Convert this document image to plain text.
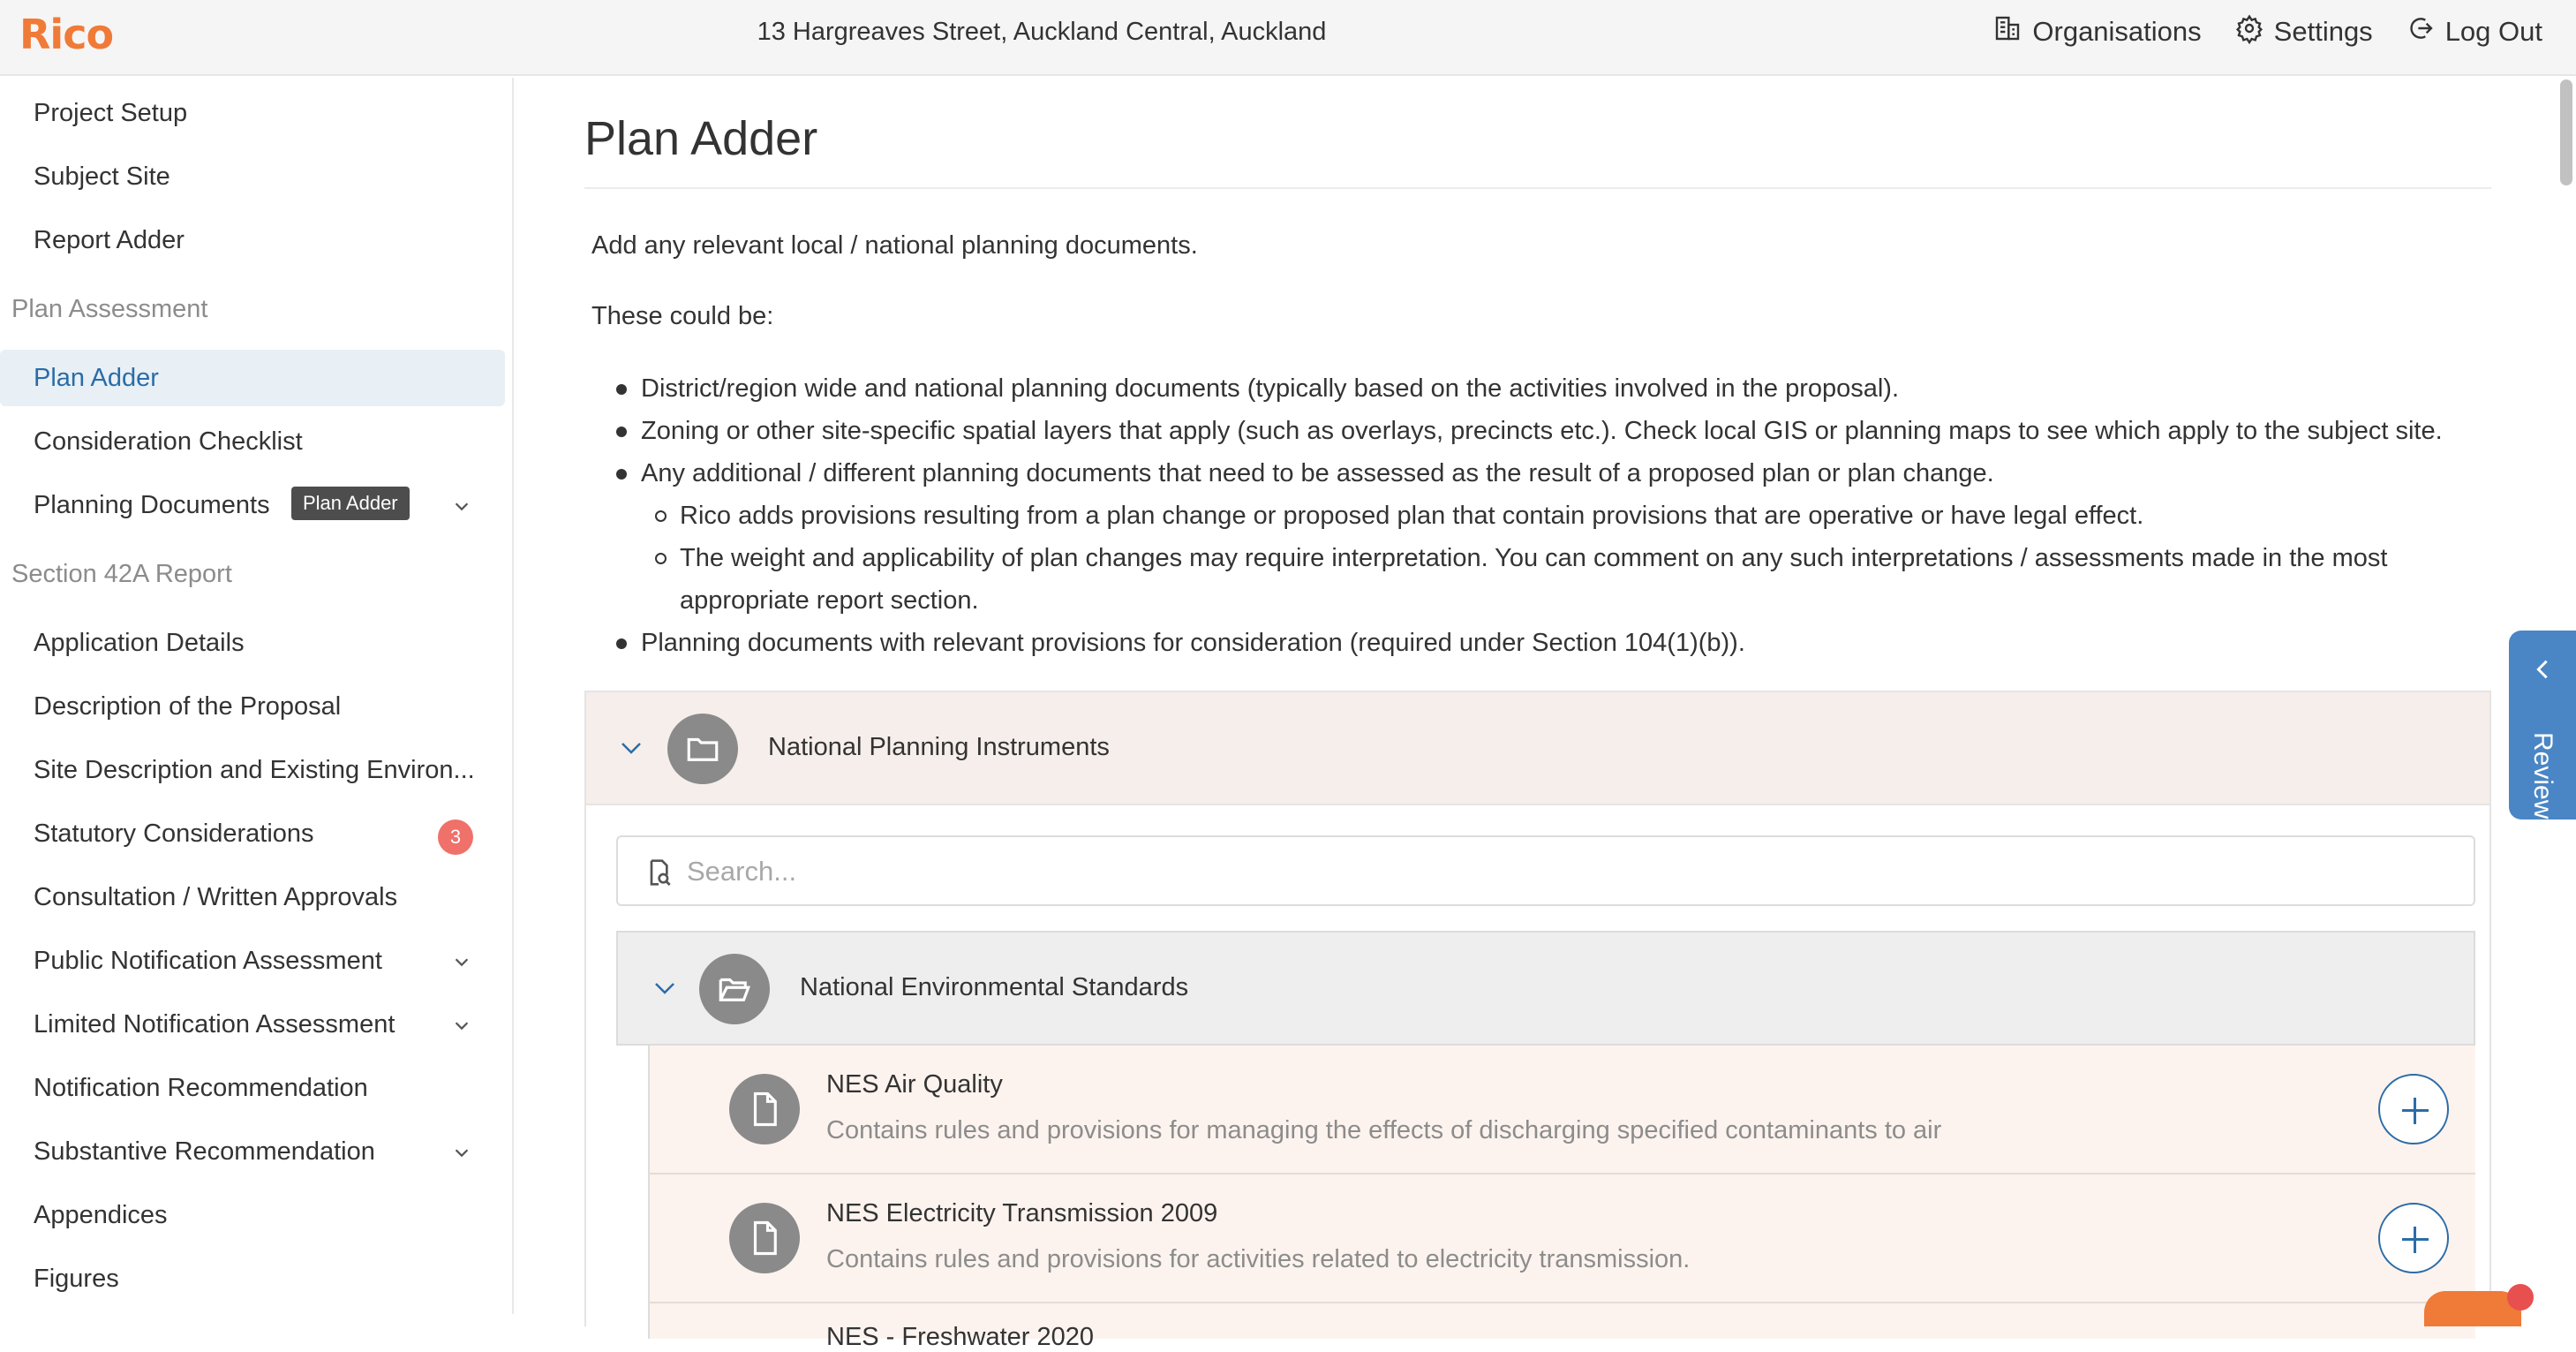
Rico	13 Hargreaves Street, Auckland Central, Auckland	Organisations	Settings	Log Out
Project Setup
Subject Site
Report Adder
Plan Assessment
Plan Adder
Consideration Checklist
Planning Documents
Section 42A Report
Application Details
Description of the Proposal
Site Description and Existing Environ...
Statutory Considerations	3
Consultation / Written Approvals
Public Notification Assessment
Limited Notification Assessment
Notification Recommendation
Substantive Recommendation
Appendices
Figures
Plan Adder
Plan Adder
Add any relevant local / national planning documents.
These could be:
District/region wide and national planning documents (typically based on the activities involved in the proposal).
Zoning or other site-specific spatial layers that apply (such as overlays, precincts etc.). Check local GIS or planning maps to see which apply to the subject site.
Any additional / different planning documents that need to be assessed as the result of a proposed plan or plan change.
Rico adds provisions resulting from a plan change or proposed plan that contain provisions that are operative or have legal effect.
The weight and applicability of plan changes may require interpretation. You can comment on any such interpretations / assessments made in the most
appropriate report section.
Planning documents with relevant provisions for consideration (required under Section 104(1)(b)).
National Planning Instruments
Search...
National Environmental Standards
NES Air Quality
Contains rules and provisions for managing the effects of discharging specified contaminants to air
NES Electricity Transmission 2009
Contains rules and provisions for activities related to electricity transmission.
NES - Freshwater 2020
Review
